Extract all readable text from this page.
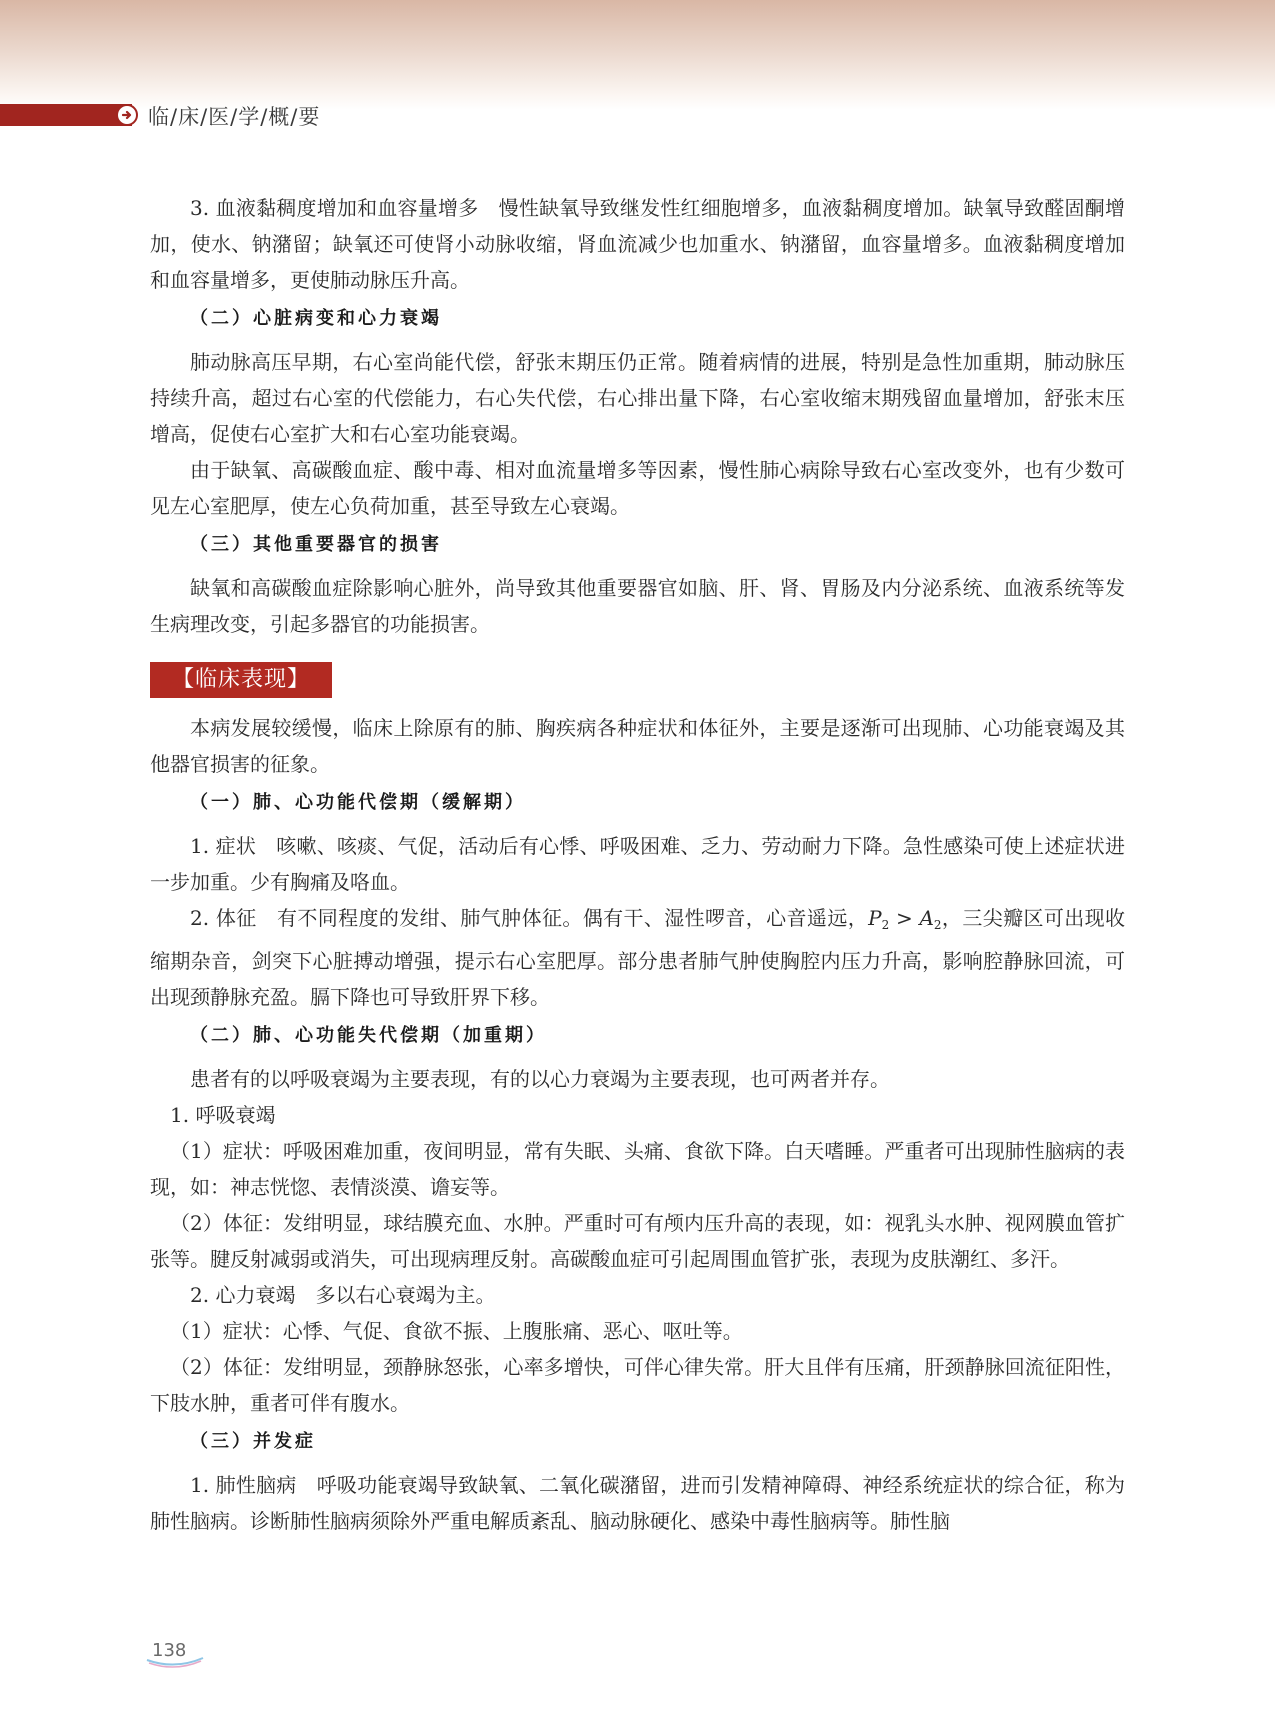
临/床/医/学/概/要

3. 血液黏稠度增加和血容量增多　慢性缺氧导致继发性红细胞增多，血液黏稠度增加。缺氧导致醛固酮增加，使水、钠潴留；缺氧还可使肾小动脉收缩，肾血流减少也加重水、钠潴留，血容量增多。血液黏稠度增加和血容量增多，更使肺动脉压升高。

（二）心脏病变和心力衰竭

肺动脉高压早期，右心室尚能代偿，舒张末期压仍正常。随着病情的进展，特别是急性加重期，肺动脉压持续升高，超过右心室的代偿能力，右心失代偿，右心排出量下降，右心室收缩末期残留血量增加，舒张末压增高，促使右心室扩大和右心室功能衰竭。

由于缺氧、高碳酸血症、酸中毒、相对血流量增多等因素，慢性肺心病除导致右心室改变外，也有少数可见左心室肥厚，使左心负荷加重，甚至导致左心衰竭。

（三）其他重要器官的损害

缺氧和高碳酸血症除影响心脏外，尚导致其他重要器官如脑、肝、肾、胃肠及内分泌系统、血液系统等发生病理改变，引起多器官的功能损害。

【临床表现】

本病发展较缓慢，临床上除原有的肺、胸疾病各种症状和体征外，主要是逐渐可出现肺、心功能衰竭及其他器官损害的征象。

（一）肺、心功能代偿期（缓解期）

1. 症状　咳嗽、咳痰、气促，活动后有心悸、呼吸困难、乏力、劳动耐力下降。急性感染可使上述症状进一步加重。少有胸痛及咯血。

2. 体征　有不同程度的发绀、肺气肿体征。偶有干、湿性啰音，心音遥远，$P_2 > A_2$，三尖瓣区可出现收缩期杂音，剑突下心脏搏动增强，提示右心室肥厚。部分患者肺气肿使胸腔内压力升高，影响腔静脉回流，可出现颈静脉充盈。膈下降也可导致肝界下移。

（二）肺、心功能失代偿期（加重期）

患者有的以呼吸衰竭为主要表现，有的以心力衰竭为主要表现，也可两者并存。

1. 呼吸衰竭

（1）症状：呼吸困难加重，夜间明显，常有失眠、头痛、食欲下降。白天嗜睡。严重者可出现肺性脑病的表现，如：神志恍惚、表情淡漠、谵妄等。

（2）体征：发绀明显，球结膜充血、水肿。严重时可有颅内压升高的表现，如：视乳头水肿、视网膜血管扩张等。腱反射减弱或消失，可出现病理反射。高碳酸血症可引起周围血管扩张，表现为皮肤潮红、多汗。

2. 心力衰竭　多以右心衰竭为主。

（1）症状：心悸、气促、食欲不振、上腹胀痛、恶心、呕吐等。

（2）体征：发绀明显，颈静脉怒张，心率多增快，可伴心律失常。肝大且伴有压痛，肝颈静脉回流征阳性，下肢水肿，重者可伴有腹水。

（三）并发症

1. 肺性脑病　呼吸功能衰竭导致缺氧、二氧化碳潴留，进而引发精神障碍、神经系统症状的综合征，称为肺性脑病。诊断肺性脑病须除外严重电解质紊乱、脑动脉硬化、感染中毒性脑病等。肺性脑

138
